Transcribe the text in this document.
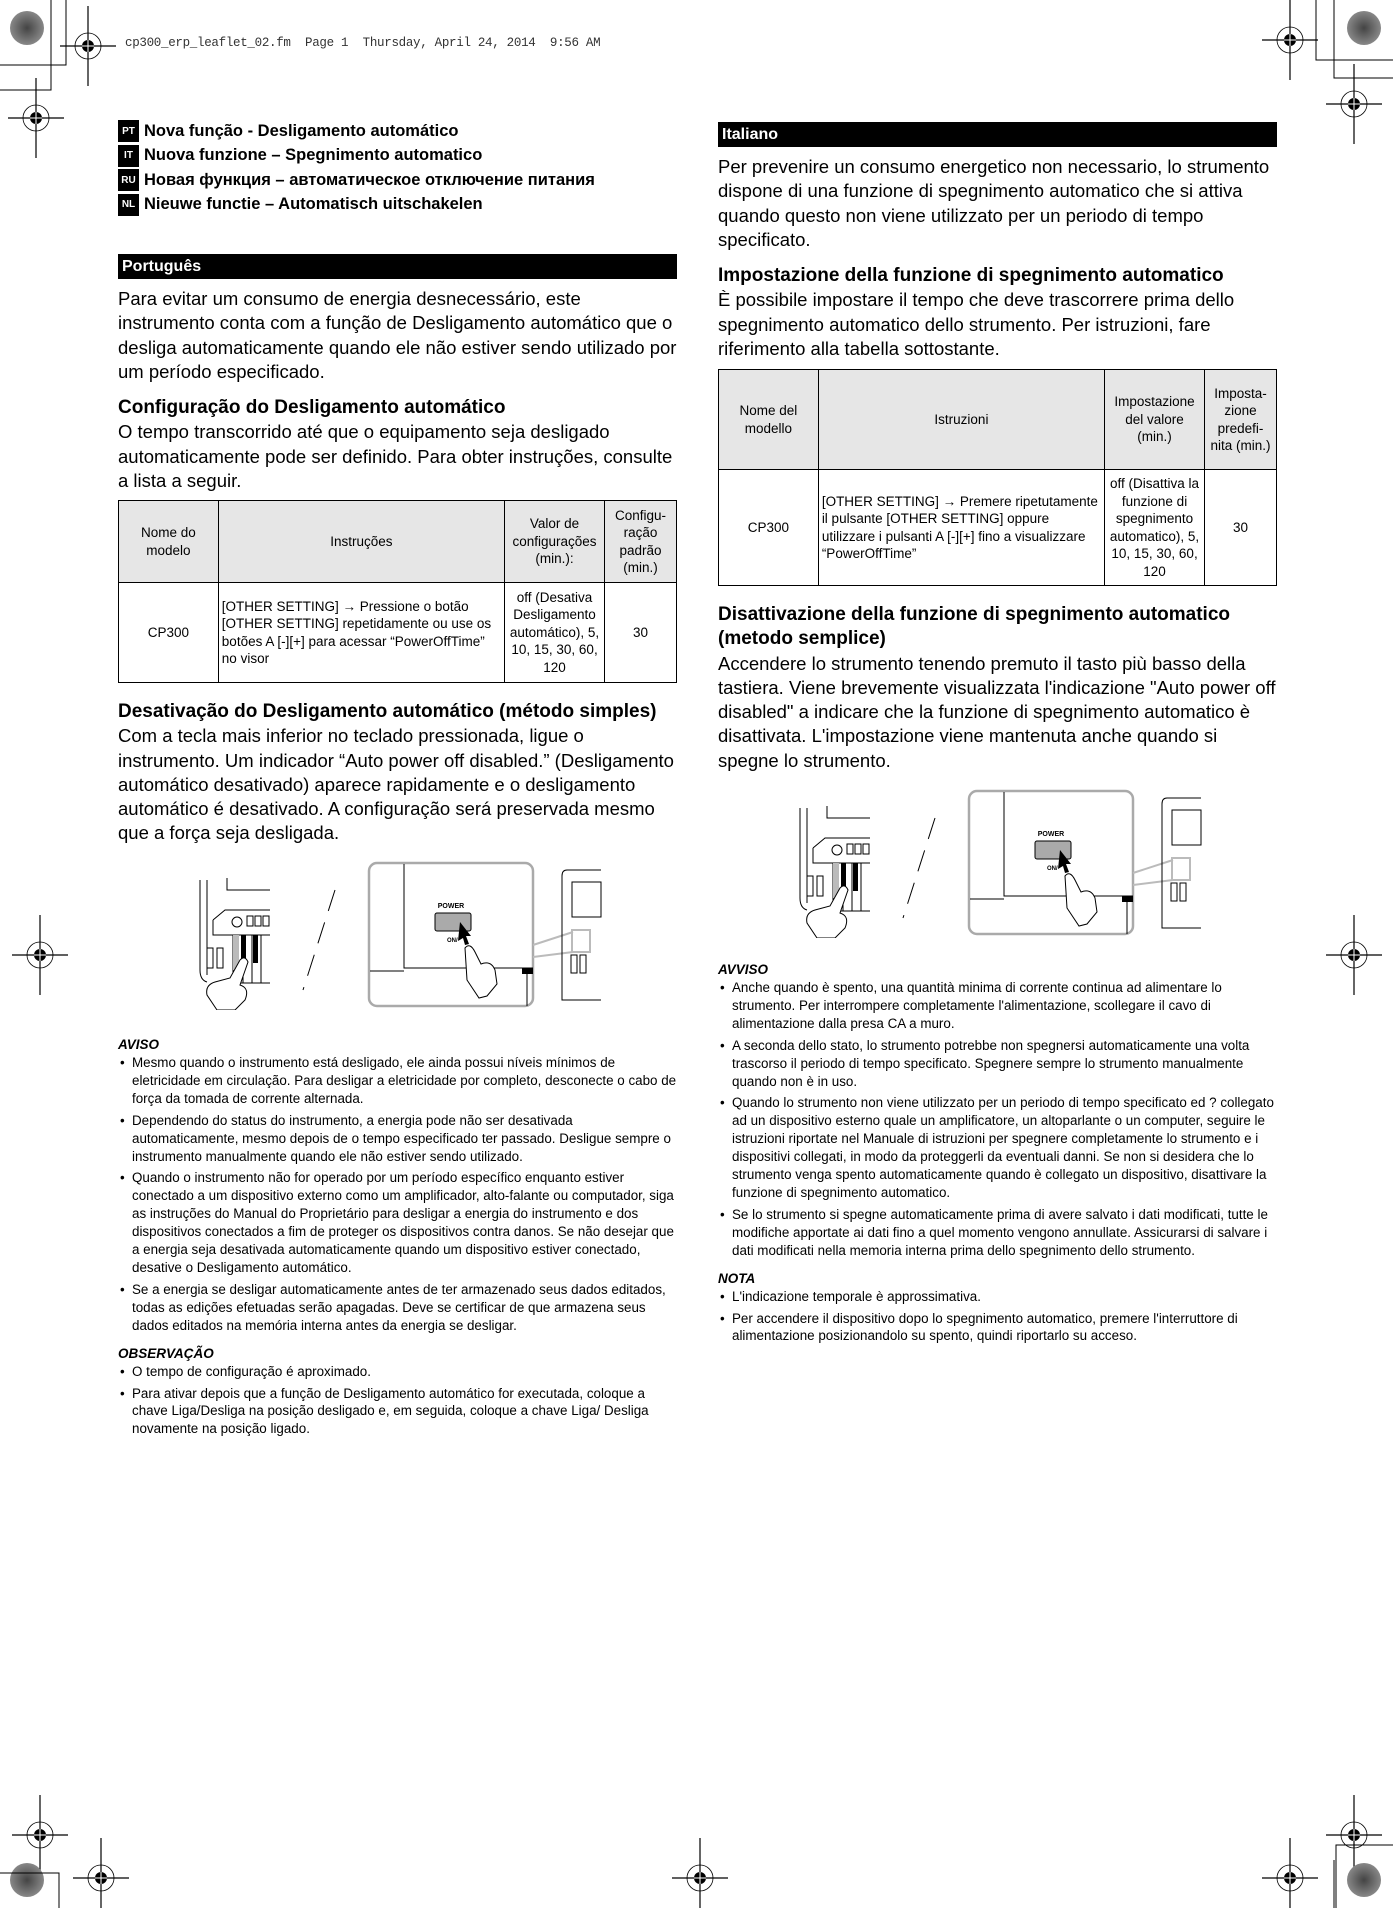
cp300_erp_leaflet_02.fm  Page 1  Thursday, April 24, 2014  9:56 AM
PT Nova função - Desligamento automático
IT Nuova funzione – Spegnimento automatico
RU Новая функция – автоматическое отключение питания
NL Nieuwe functie – Automatisch uitschakelen
Português

Para evitar um consumo de energia desnecessário, este instrumento conta com a função de Desligamento automático que o desliga automaticamente quando ele não estiver sendo utilizado por um período especificado.

Configuração do Desligamento automático

O tempo transcorrido até que o equipamento seja desligado automaticamente pode ser definido. Para obter instruções, consulte a lista a seguir.

Nome do modelo	Instruções	Valor de configurações (min.):	Configu-ração padrão (min.)
CP300	[OTHER SETTING] → Pressione o botão [OTHER SETTING] repetidamente ou use os botões A [-][+] para acessar “PowerOffTime” no visor	off (Desativa Desligamento automático), 5, 10, 15, 30, 60, 120	30

Desativação do Desligamento automático (método simples)

Com a tecla mais inferior no teclado pressionada, ligue o instrumento. Um indicador “Auto power off disabled.” (Desligamento automático desativado) aparece rapidamente e o desligamento automático é desativado. A configuração será preservada mesmo que a força seja desligada.

POWER
ON/
AVISO
• Mesmo quando o instrumento está desligado, ele ainda possui níveis mínimos de eletricidade em circulação. Para desligar a eletricidade por completo, desconecte o cabo de força da tomada de corrente alternada.
• Dependendo do status do instrumento, a energia pode não ser desativada automaticamente, mesmo depois de o tempo especificado ter passado. Desligue sempre o instrumento manualmente quando ele não estiver sendo utilizado.
• Quando o instrumento não for operado por um período específico enquanto estiver conectado a um dispositivo externo como um amplificador, alto-falante ou computador, siga as instruções do Manual do Proprietário para desligar a energia do instrumento e dos dispositivos conectados a fim de proteger os dispositivos contra danos. Se não desejar que a energia seja desativada automaticamente quando um dispositivo estiver conectado, desative o Desligamento automático.
• Se a energia se desligar automaticamente antes de ter armazenado seus dados editados, todas as edições efetuadas serão apagadas. Deve se certificar de que armazena seus dados editados na memória interna antes da energia se desligar.
OBSERVAÇÃO
• O tempo de configuração é aproximado.
• Para ativar depois que a função de Desligamento automático for executada, coloque a chave Liga/Desliga na posição desligado e, em seguida, coloque a chave Liga/ Desliga novamente na posição ligado.
Italiano

Per prevenire un consumo energetico non necessario, lo strumento dispone di una funzione di spegnimento automatico che si attiva quando questo non viene utilizzato per un periodo di tempo specificato.

Impostazione della funzione di spegnimento automatico

È possibile impostare il tempo che deve trascorrere prima dello spegnimento automatico dello strumento. Per istruzioni, fare riferimento alla tabella sottostante.

Nome del modello	Istruzioni	Impostazione del valore (min.)	Imposta-zione predefi-nita (min.)
CP300	[OTHER SETTING] → Premere ripetutamente il pulsante [OTHER SETTING] oppure utilizzare i pulsanti A [-][+] fino a visualizzare “PowerOffTime”	off (Disattiva la funzione di spegnimento automatico), 5, 10, 15, 30, 60, 120	30

Disattivazione della funzione di spegnimento automatico (metodo semplice)

Accendere lo strumento tenendo premuto il tasto più basso della tastiera. Viene brevemente visualizzata l'indicazione "Auto power off disabled" a indicare che la funzione di spegnimento automatico è disattivata. L'impostazione viene mantenuta anche quando si spegne lo strumento.

POWER
ON/
AVVISO
• Anche quando è spento, una quantità minima di corrente continua ad alimentare lo strumento. Per interrompere completamente l'alimentazione, scollegare il cavo di alimentazione dalla presa CA a muro.
• A seconda dello stato, lo strumento potrebbe non spegnersi automaticamente una volta trascorso il periodo di tempo specificato. Spegnere sempre lo strumento manualmente quando non è in uso.
• Quando lo strumento non viene utilizzato per un periodo di tempo specificato ed ? collegato ad un dispositivo esterno quale un amplificatore, un altoparlante o un computer, seguire le istruzioni riportate nel Manuale di istruzioni per spegnere completamente lo strumento e i dispositivi collegati, in modo da proteggerli da eventuali danni. Se non si desidera che lo strumento venga spento automaticamente quando è collegato un dispositivo, disattivare la funzione di spegnimento automatico.
• Se lo strumento si spegne automaticamente prima di avere salvato i dati modificati, tutte le modifiche apportate ai dati fino a quel momento vengono annullate. Assicurarsi di salvare i dati modificati nella memoria interna prima dello spegnimento dello strumento.
NOTA
• L'indicazione temporale è approssimativa.
• Per accendere il dispositivo dopo lo spegnimento automatico, premere l'interruttore di alimentazione posizionandolo su spento, quindi riportarlo su acceso.
